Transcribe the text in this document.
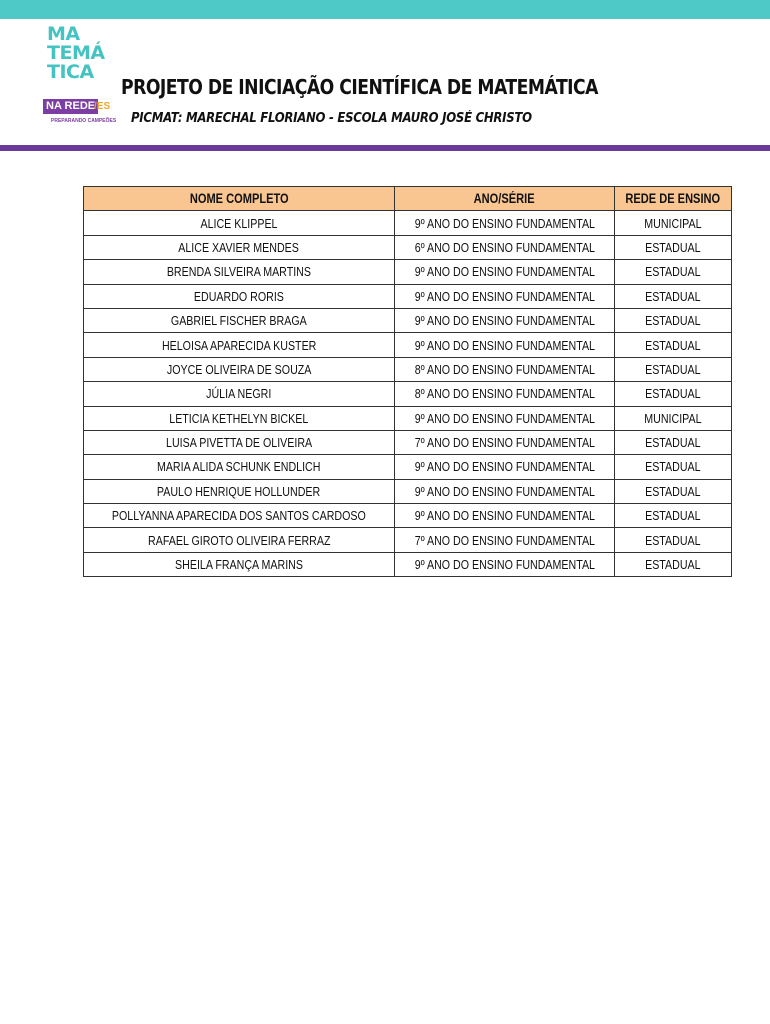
MA
TEMÁ
TICA
NA REDE
/ES
PREPARANDO CAMPEÕES
PROJETO DE INICIAÇÃO CIENTÍFICA DE MATEMÁTICA
PICMAT: MARECHAL FLORIANO - ESCOLA MAURO JOSÉ CHRISTO
NOME COMPLETO	ANO/SÉRIE	REDE DE ENSINO
ALICE KLIPPEL	9º ANO DO ENSINO FUNDAMENTAL	MUNICIPAL
ALICE XAVIER MENDES	6º ANO DO ENSINO FUNDAMENTAL	ESTADUAL
BRENDA SILVEIRA MARTINS	9º ANO DO ENSINO FUNDAMENTAL	ESTADUAL
EDUARDO RORIS	9º ANO DO ENSINO FUNDAMENTAL	ESTADUAL
GABRIEL FISCHER BRAGA	9º ANO DO ENSINO FUNDAMENTAL	ESTADUAL
HELOISA APARECIDA KUSTER	9º ANO DO ENSINO FUNDAMENTAL	ESTADUAL
JOYCE OLIVEIRA DE SOUZA	8º ANO DO ENSINO FUNDAMENTAL	ESTADUAL
JÚLIA NEGRI	8º ANO DO ENSINO FUNDAMENTAL	ESTADUAL
LETICIA KETHELYN BICKEL	9º ANO DO ENSINO FUNDAMENTAL	MUNICIPAL
LUISA PIVETTA DE OLIVEIRA	7º ANO DO ENSINO FUNDAMENTAL	ESTADUAL
MARIA ALIDA SCHUNK ENDLICH	9º ANO DO ENSINO FUNDAMENTAL	ESTADUAL
PAULO HENRIQUE HOLLUNDER	9º ANO DO ENSINO FUNDAMENTAL	ESTADUAL
POLLYANNA APARECIDA DOS SANTOS CARDOSO	9º ANO DO ENSINO FUNDAMENTAL	ESTADUAL
RAFAEL GIROTO OLIVEIRA FERRAZ	7º ANO DO ENSINO FUNDAMENTAL	ESTADUAL
SHEILA FRANÇA MARINS	9º ANO DO ENSINO FUNDAMENTAL	ESTADUAL
